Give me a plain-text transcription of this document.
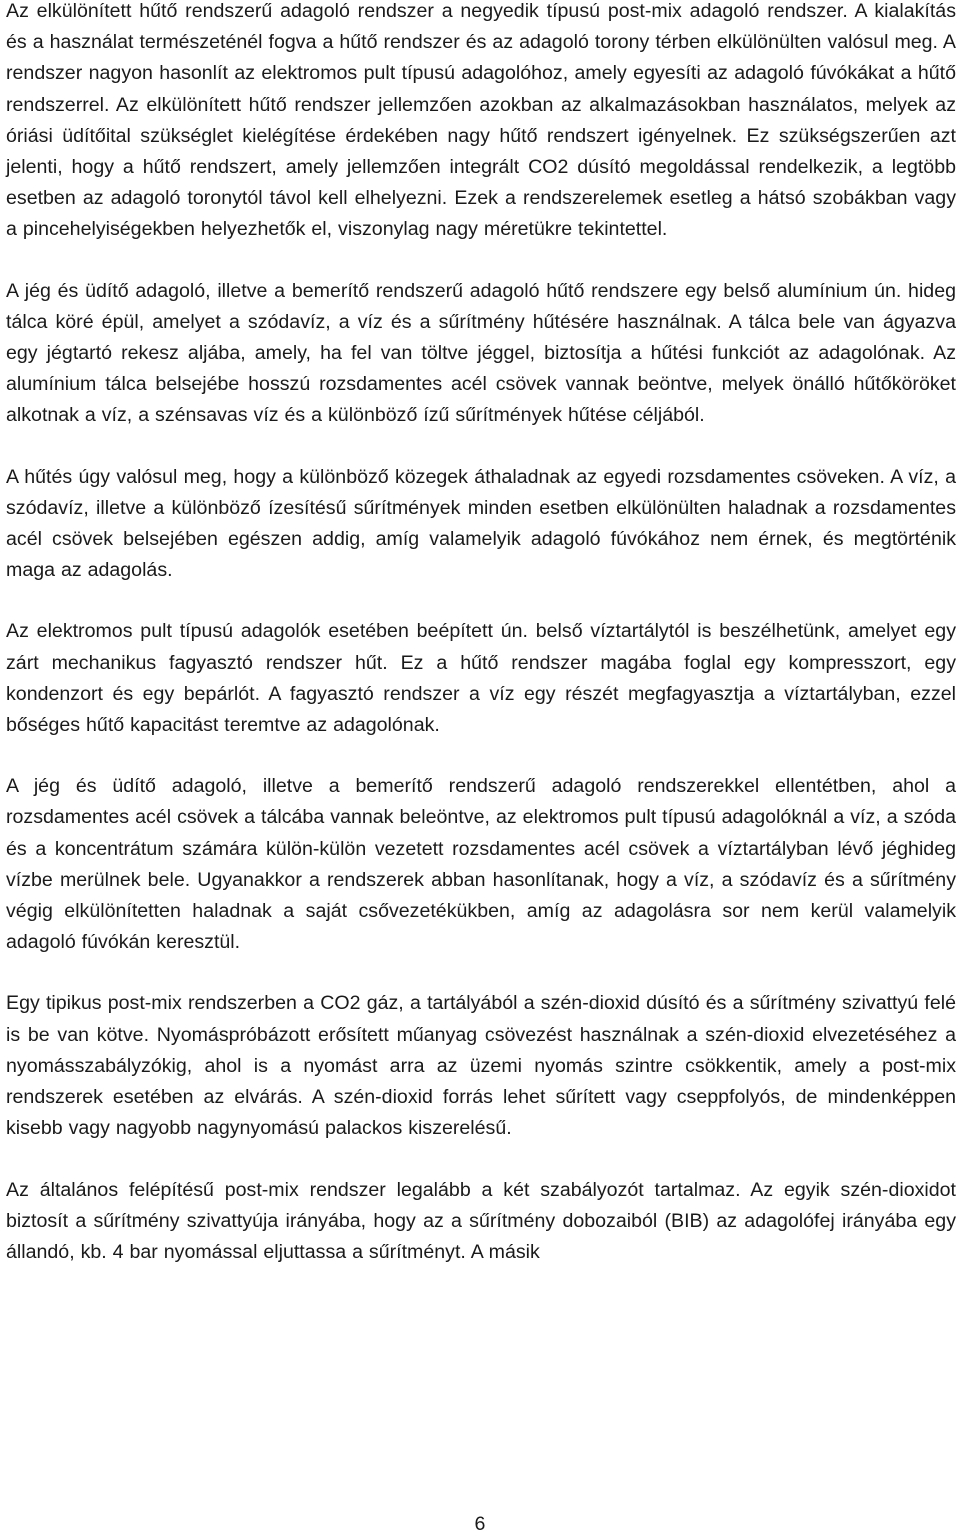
Az elkülönített hűtő rendszerű adagoló rendszer a negyedik típusú post-mix adagoló rendszer. A kialakítás és a használat természeténél fogva a hűtő rendszer és az adagoló torony térben elkülönülten valósul meg. A rendszer nagyon hasonlít az elektromos pult típusú adagolóhoz, amely egyesíti az adagoló fúvókákat a hűtő rendszerrel. Az elkülönített hűtő rendszer jellemzően azokban az alkalmazásokban használatos, melyek az óriási üdítőital szükséglet kielégítése érdekében nagy hűtő rendszert igényelnek. Ez szükségszerűen azt jelenti, hogy a hűtő rendszert, amely jellemzően integrált CO2 dúsító megoldással rendelkezik, a legtöbb esetben az adagoló toronytól távol kell elhelyezni. Ezek a rendszerelemek esetleg a hátsó szobákban vagy a pincehelyiségekben helyezhetők el, viszonylag nagy méretükre tekintettel.

A jég és üdítő adagoló, illetve a bemerítő rendszerű adagoló hűtő rendszere egy belső alumínium ún. hideg tálca köré épül, amelyet a szódavíz, a víz és a sűrítmény hűtésére használnak. A tálca bele van ágyazva egy jégtartó rekesz aljába, amely, ha fel van töltve jéggel, biztosítja a hűtési funkciót az adagolónak. Az alumínium tálca belsejébe hosszú rozsdamentes acél csövek vannak beöntve, melyek önálló hűtőköröket alkotnak a víz, a szénsavas víz és a különböző ízű sűrítmények hűtése céljából.

A hűtés úgy valósul meg, hogy a különböző közegek áthaladnak az egyedi rozsdamentes csöveken. A víz, a szódavíz, illetve a különböző ízesítésű sűrítmények minden esetben elkülönülten haladnak a rozsdamentes acél csövek belsejében egészen addig, amíg valamelyik adagoló fúvókához nem érnek, és megtörténik maga az adagolás.

Az elektromos pult típusú adagolók esetében beépített ún. belső víztartálytól is beszélhetünk, amelyet egy zárt mechanikus fagyasztó rendszer hűt. Ez a hűtő rendszer magába foglal egy kompresszort, egy kondenzort és egy bepárlót. A fagyasztó rendszer a víz egy részét megfagyasztja a víztartályban, ezzel bőséges hűtő kapacitást teremtve az adagolónak.

A jég és üdítő adagoló, illetve a bemerítő rendszerű adagoló rendszerekkel ellentétben, ahol a rozsdamentes acél csövek a tálcába vannak beleöntve, az elektromos pult típusú adagolóknál a víz, a szóda és a koncentrátum számára külön-külön vezetett rozsdamentes acél csövek a víztartályban lévő jéghideg vízbe merülnek bele. Ugyanakkor a rendszerek abban hasonlítanak, hogy a víz, a szódavíz és a sűrítmény végig elkülönítetten haladnak a saját csővezetékükben, amíg az adagolásra sor nem kerül valamelyik adagoló fúvókán keresztül.

Egy tipikus post-mix rendszerben a CO2 gáz, a tartályából a szén-dioxid dúsító és a sűrítmény szivattyú felé is be van kötve. Nyomáspróbázott erősített műanyag csövezést használnak a szén-dioxid elvezetéséhez a nyomásszabályzókig, ahol is a nyomást arra az üzemi nyomás szintre csökkentik, amely a post-mix rendszerek esetében az elvárás. A szén-dioxid forrás lehet sűrített vagy cseppfolyós, de mindenképpen kisebb vagy nagyobb nagynyomású palackos kiszerelésű.

Az általános felépítésű post-mix rendszer legalább a két szabályozót tartalmaz. Az egyik szén-dioxidot biztosít a sűrítmény szivattyúja irányába, hogy az a sűrítmény dobozaiból (BIB) az adagolófej irányába egy állandó, kb. 4 bar nyomással eljuttassa a sűrítményt. A másik

6
